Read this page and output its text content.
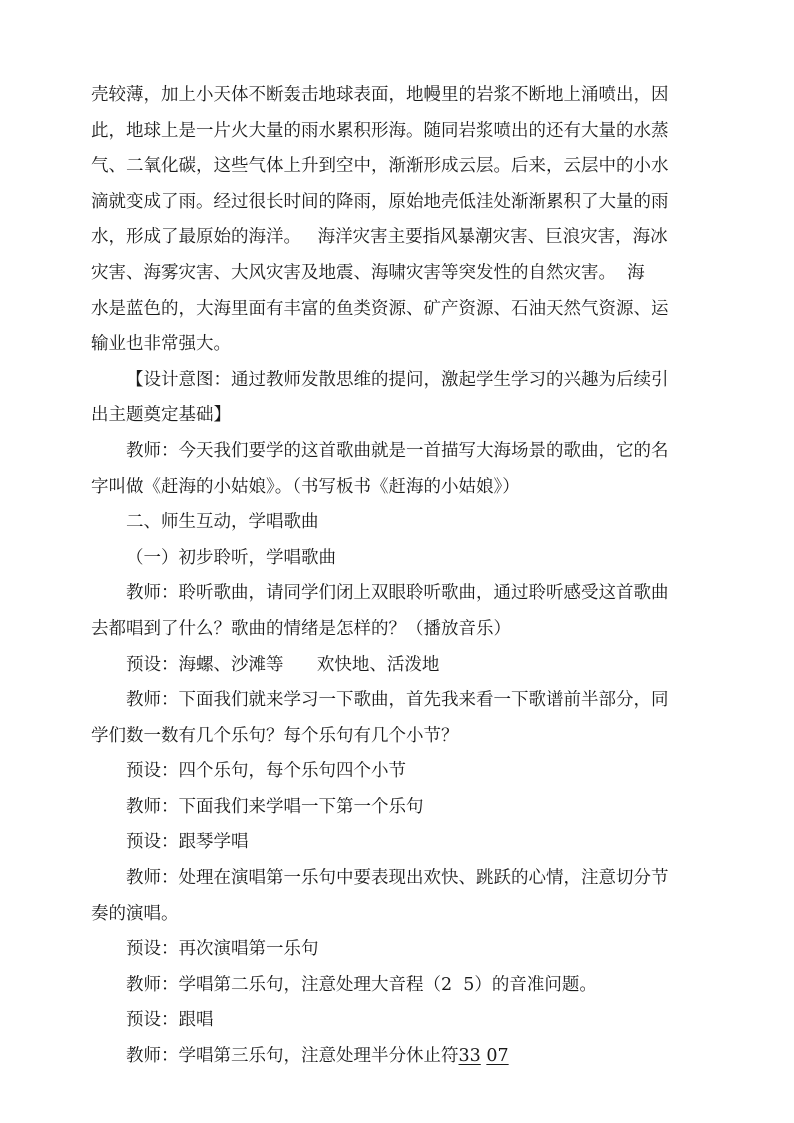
壳较薄，加上小天体不断轰击地球表面，地幔里的岩浆不断地上涌喷出，因
此，地球上是一片火大量的雨水累积形海。随同岩浆喷出的还有大量的水蒸
气、二氧化碳，这些气体上升到空中，渐渐形成云层。后来，云层中的小水
滴就变成了雨。经过很长时间的降雨，原始地壳低洼处渐渐累积了大量的雨
水，形成了最原始的海洋。   海洋灾害主要指风暴潮灾害、巨浪灾害，海冰
灾害、海雾灾害、大风灾害及地震、海啸灾害等突发性的自然灾害。  海
水是蓝色的，大海里面有丰富的鱼类资源、矿产资源、石油天然气资源、运
输业也非常强大。
【设计意图：通过教师发散思维的提问，激起学生学习的兴趣为后续引
出主题奠定基础】
教师：今天我们要学的这首歌曲就是一首描写大海场景的歌曲，它的名
字叫做《赶海的小姑娘》。（书写板书《赶海的小姑娘》）
二、师生互动，学唱歌曲
（一）初步聆听，学唱歌曲
教师：聆听歌曲，请同学们闭上双眼聆听歌曲，通过聆听感受这首歌曲
去都唱到了什么？歌曲的情绪是怎样的？（播放音乐）
预设：海螺、沙滩等      欢快地、活泼地
教师：下面我们就来学习一下歌曲，首先我来看一下歌谱前半部分，同
学们数一数有几个乐句？每个乐句有几个小节？
预设：四个乐句，每个乐句四个小节
教师：下面我们来学唱一下第一个乐句
预设：跟琴学唱
教师：处理在演唱第一乐句中要表现出欢快、跳跃的心情，注意切分节
奏的演唱。
预设：再次演唱第一乐句
教师：学唱第二乐句，注意处理大音程（2  5）的音准问题。
预设：跟唱
教师：学唱第三乐句，注意处理半分休止符33 07
